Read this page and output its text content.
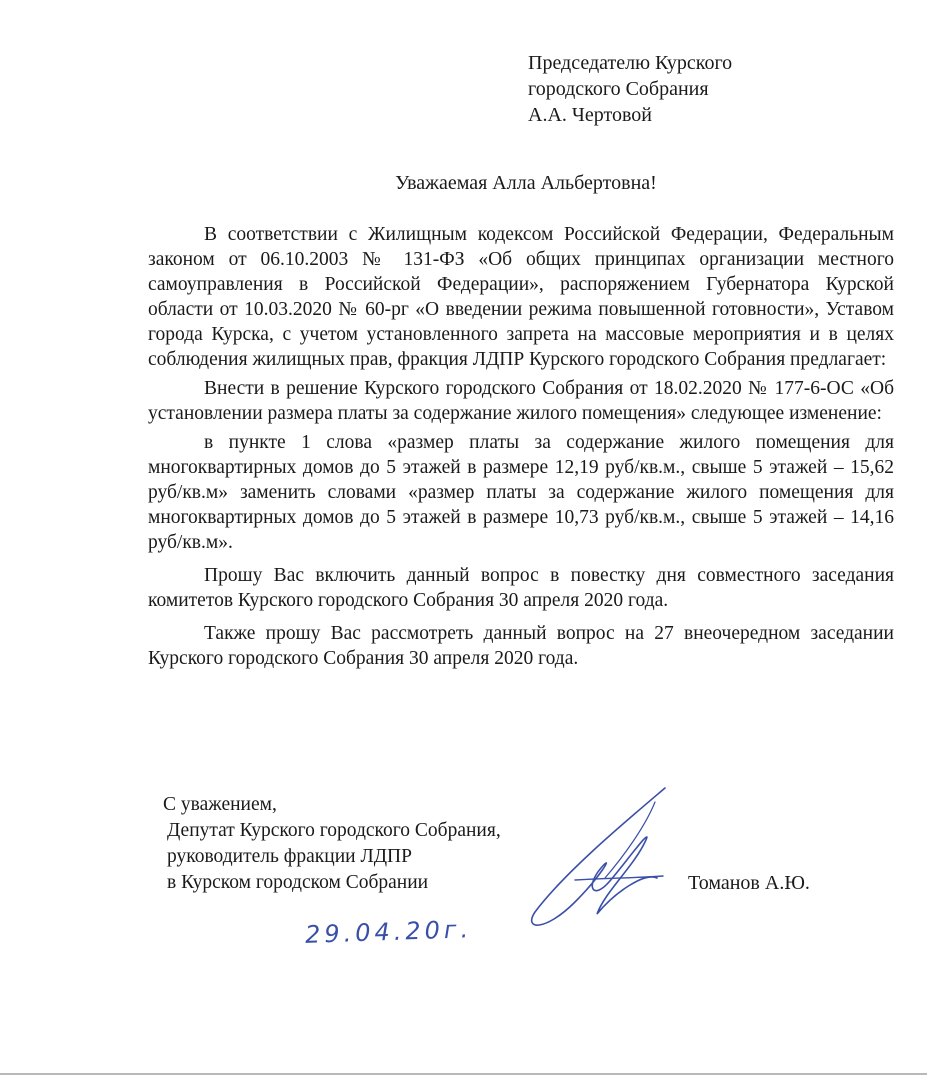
Председателю Курского
городского Собрания
А.А. Чертовой
Уважаемая Алла Альбертовна!

В соответствии с Жилищным кодексом Российской Федерации, Федеральным законом от 06.10.2003 № 131-ФЗ «Об общих принципах организации местного самоуправления в Российской Федерации», распоряжением Губернатора Курской области от 10.03.2020 № 60-рг «О введении режима повышенной готовности», Уставом города Курска, с учетом установленного запрета на массовые мероприятия и в целях соблюдения жилищных прав, фракция ЛДПР Курского городского Собрания предлагает:

Внести в решение Курского городского Собрания от 18.02.2020 № 177-6-ОС «Об установлении размера платы за содержание жилого помещения» следующее изменение:

в пункте 1 слова «размер платы за содержание жилого помещения для многоквартирных домов до 5 этажей в размере 12,19 руб/кв.м., свыше 5 этажей – 15,62 руб/кв.м» заменить словами «размер платы за содержание жилого помещения для многоквартирных домов до 5 этажей в размере 10,73 руб/кв.м., свыше 5 этажей – 14,16 руб/кв.м».

Прошу Вас включить данный вопрос в повестку дня совместного заседания комитетов Курского городского Собрания 30 апреля 2020 года.

Также прошу Вас рассмотреть данный вопрос на 27 внеочередном заседании Курского городского Собрания 30 апреля 2020 года.

С уважением,
Депутат Курского городского Собрания,
руководитель фракции ЛДПР
в Курском городском Собрании	Томанов А.Ю.
29.04.20г.
